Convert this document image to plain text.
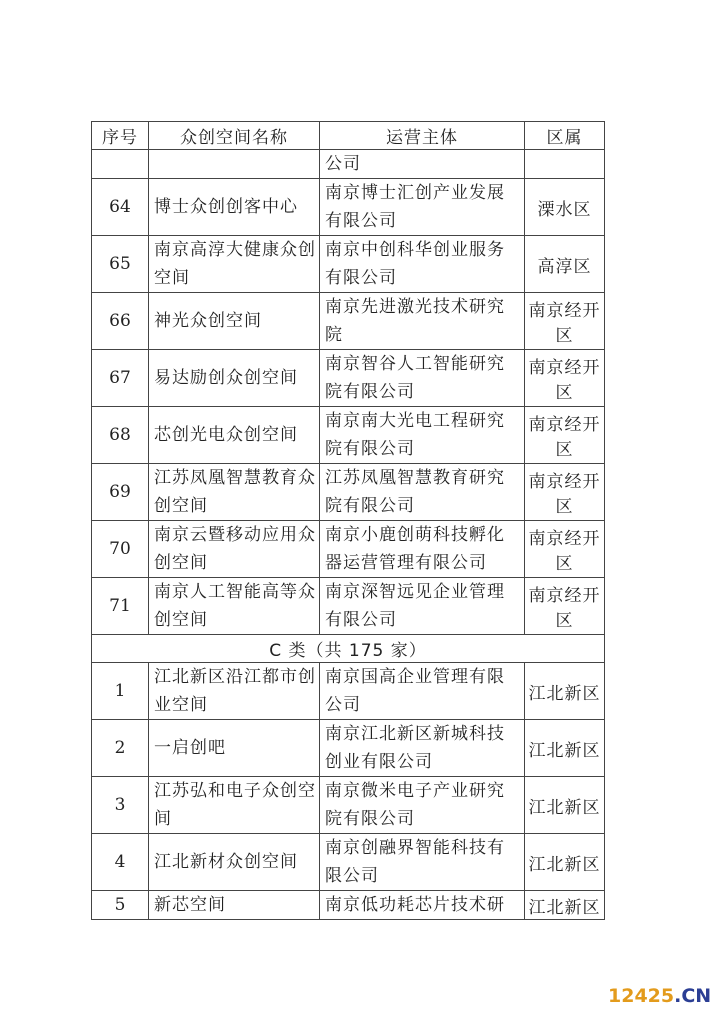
序号	众创空间名称	运营主体	区属
		公司	
64	博士众创创客中心	南京博士汇创产业发展有限公司	溧水区
65	南京高淳大健康众创空间	南京中创科华创业服务有限公司	高淳区
66	神光众创空间	南京先进激光技术研究院	南京经开区
67	易达励创众创空间	南京智谷人工智能研究院有限公司	南京经开区
68	芯创光电众创空间	南京南大光电工程研究院有限公司	南京经开区
69	江苏凤凰智慧教育众创空间	江苏凤凰智慧教育研究院有限公司	南京经开区
70	南京云暨移动应用众创空间	南京小鹿创萌科技孵化器运营管理有限公司	南京经开区
71	南京人工智能高等众创空间	南京深智远见企业管理有限公司	南京经开区
C 类（共 175 家）			
1	江北新区沿江都市创业空间	南京国高企业管理有限公司	江北新区
2	一启创吧	南京江北新区新城科技创业有限公司	江北新区
3	江苏弘和电子众创空间	南京微米电子产业研究院有限公司	江北新区
4	江北新材众创空间	南京创融界智能科技有限公司	江北新区
5	新芯空间	南京低功耗芯片技术研	江北新区
12425.CN
